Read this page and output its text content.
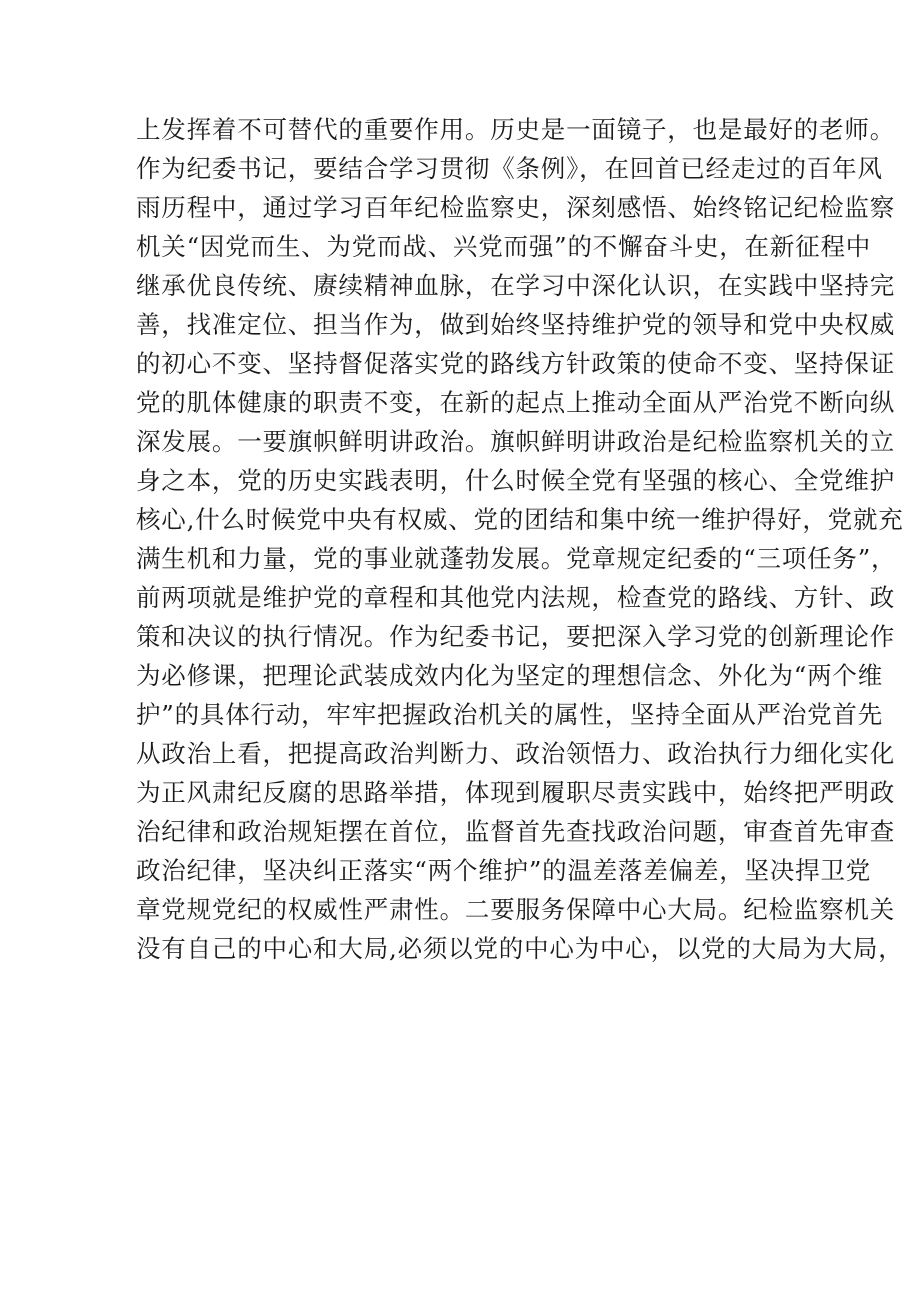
上发挥着不可替代的重要作用。历史是一面镜子，也是最好的老师。
作为纪委书记，要结合学习贯彻《条例》，在回首已经走过的百年风
雨历程中，通过学习百年纪检监察史，深刻感悟、始终铭记纪检监察
机关“因党而生、为党而战、兴党而强”的不懈奋斗史，在新征程中
继承优良传统、赓续精神血脉，在学习中深化认识，在实践中坚持完
善，找准定位、担当作为，做到始终坚持维护党的领导和党中央权威
的初心不变、坚持督促落实党的路线方针政策的使命不变、坚持保证
党的肌体健康的职责不变，在新的起点上推动全面从严治党不断向纵
深发展。一要旗帜鲜明讲政治。旗帜鲜明讲政治是纪检监察机关的立
身之本，党的历史实践表明，什么时候全党有坚强的核心、全党维护
核心,什么时候党中央有权威、党的团结和集中统一维护得好，党就充
满生机和力量，党的事业就蓬勃发展。党章规定纪委的“三项任务”，
前两项就是维护党的章程和其他党内法规，检查党的路线、方针、政
策和决议的执行情况。作为纪委书记，要把深入学习党的创新理论作
为必修课，把理论武装成效内化为坚定的理想信念、外化为“两个维
护”的具体行动，牢牢把握政治机关的属性，坚持全面从严治党首先
从政治上看，把提高政治判断力、政治领悟力、政治执行力细化实化
为正风肃纪反腐的思路举措，体现到履职尽责实践中，始终把严明政
治纪律和政治规矩摆在首位，监督首先查找政治问题，审查首先审查
政治纪律，坚决纠正落实“两个维护”的温差落差偏差，坚决捍卫党
章党规党纪的权威性严肃性。二要服务保障中心大局。纪检监察机关
没有自己的中心和大局,必须以党的中心为中心，以党的大局为大局，
